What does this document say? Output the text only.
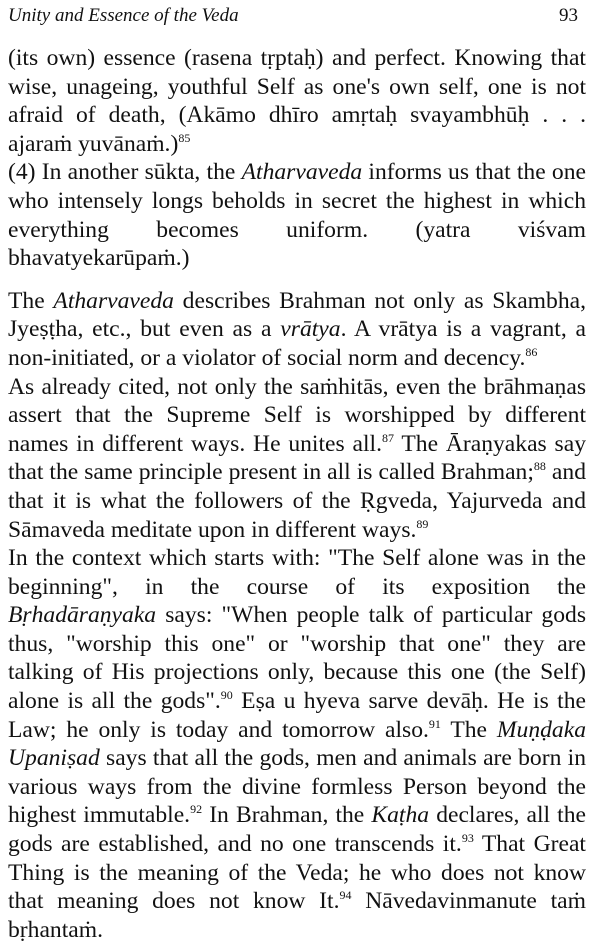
Unity and Essence of the Veda	93

(its own) essence (rasena tṛptaḥ) and perfect. Knowing that wise, unageing, youthful Self as one's own self, one is not afraid of death, (Akāmo dhīro amṛtaḥ svayambhūḥ . . . ajaraṁ yuvānaṁ.)$^{85}$

(4) In another sūkta, the Atharvaveda informs us that the one who intensely longs beholds in secret the highest in which everything becomes uniform. (yatra viśvam bhavatyekarūpaṁ.)

The Atharvaveda describes Brahman not only as Skambha, Jyeṣṭha, etc., but even as a vrātya. A vrātya is a vagrant, a non-initiated, or a violator of social norm and decency.$^{86}$

As already cited, not only the saṁhitās, even the brāhmaṇas assert that the Supreme Self is worshipped by different names in different ways. He unites all.$^{87}$ The Āraṇyakas say that the same principle present in all is called Brahman;$^{88}$ and that it is what the followers of the Ṛgveda, Yajurveda and Sāmaveda meditate upon in different ways.$^{89}$

In the context which starts with: "The Self alone was in the beginning", in the course of its exposition the Bṛhadāraṇyaka says: "When people talk of particular gods thus, "worship this one" or "worship that one" they are talking of His projections only, because this one (the Self) alone is all the gods".$^{90}$ Eṣa u hyeva sarve devāḥ. He is the Law; he only is today and tomorrow also.$^{91}$ The Muṇḍaka Upaniṣad says that all the gods, men and animals are born in various ways from the divine formless Person beyond the highest immutable.$^{92}$ In Brahman, the Kaṭha declares, all the gods are established, and no one transcends it.$^{93}$ That Great Thing is the meaning of the Veda; he who does not know that meaning does not know It.$^{94}$ Nāvedavinmanute taṁ bṛhantaṁ.
